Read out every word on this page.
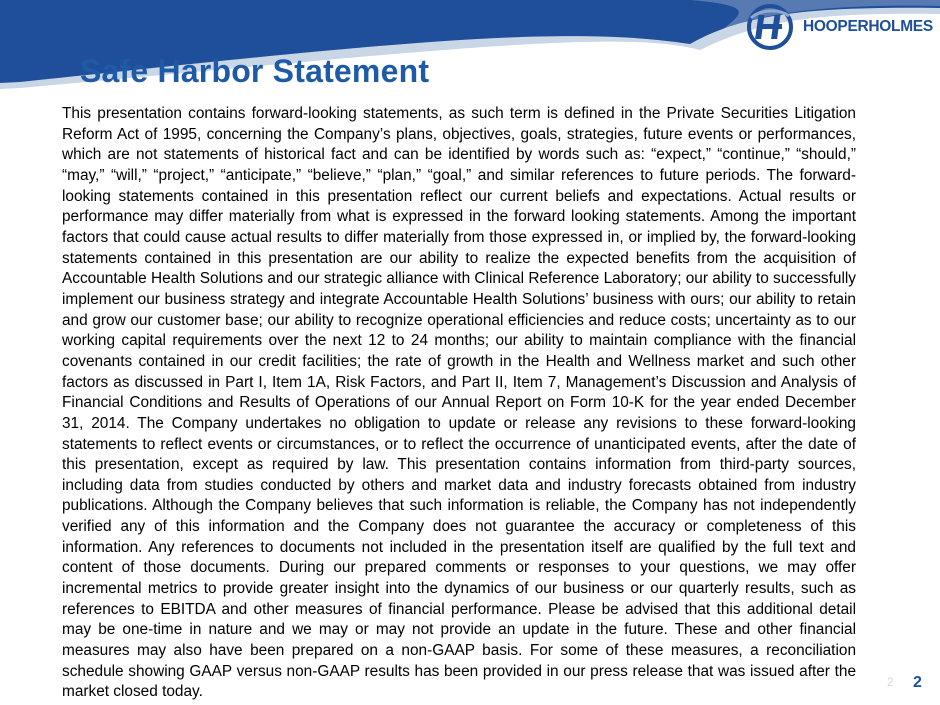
HOOPERHOLMES
Safe Harbor Statement

This presentation contains forward-looking statements, as such term is defined in the Private Securities Litigation Reform Act of 1995, concerning the Company’s plans, objectives, goals, strategies, future events or performances, which are not statements of historical fact and can be identified by words such as: “expect,” “continue,” “should,” “may,” “will,” “project,” “anticipate,” “believe,” “plan,” “goal,” and similar references to future periods. The forward-looking statements contained in this presentation reflect our current beliefs and expectations. Actual results or performance may differ materially from what is expressed in the forward looking statements. Among the important factors that could cause actual results to differ materially from those expressed in, or implied by, the forward-looking statements contained in this presentation are our ability to realize the expected benefits from the acquisition of Accountable Health Solutions and our strategic alliance with Clinical Reference Laboratory; our ability to successfully implement our business strategy and integrate Accountable Health Solutions’ business with ours; our ability to retain and grow our customer base; our ability to recognize operational efficiencies and reduce costs; uncertainty as to our working capital requirements over the next 12 to 24 months; our ability to maintain compliance with the financial covenants contained in our credit facilities; the rate of growth in the Health and Wellness market and such other factors as discussed in Part I, Item 1A, Risk Factors, and Part II, Item 7, Management’s Discussion and Analysis of Financial Conditions and Results of Operations of our Annual Report on Form 10-K for the year ended December 31, 2014. The Company undertakes no obligation to update or release any revisions to these forward-looking statements to reflect events or circumstances, or to reflect the occurrence of unanticipated events, after the date of this presentation, except as required by law. This presentation contains information from third-party sources, including data from studies conducted by others and market data and industry forecasts obtained from industry publications. Although the Company believes that such information is reliable, the Company has not independently verified any of this information and the Company does not guarantee the accuracy or completeness of this information. Any references to documents not included in the presentation itself are qualified by the full text and content of those documents. During our prepared comments or responses to your questions, we may offer incremental metrics to provide greater insight into the dynamics of our business or our quarterly results, such as references to EBITDA and other measures of financial performance. Please be advised that this additional detail may be one-time in nature and we may or may not provide an update in the future. These and other financial measures may also have been prepared on a non-GAAP basis. For some of these measures, a reconciliation schedule showing GAAP versus non-GAAP results has been provided in our press release that was issued after the market closed today.

2 2
